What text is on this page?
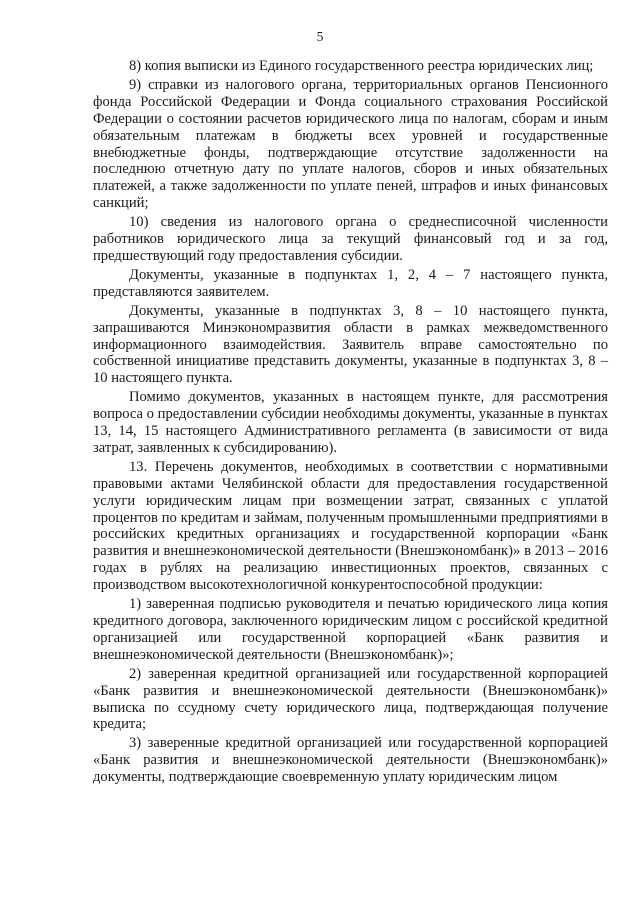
5

8) копия выписки из Единого государственного реестра юридических лиц;

9) справки из налогового органа, территориальных органов Пенсионного фонда Российской Федерации и Фонда социального страхования Российской Федерации о состоянии расчетов юридического лица по налогам, сборам и иным обязательным платежам в бюджеты всех уровней и государственные внебюджетные фонды, подтверждающие отсутствие задолженности на последнюю отчетную дату по уплате налогов, сборов и иных обязательных платежей, а также задолженности по уплате пеней, штрафов и иных финансовых санкций;

10) сведения из налогового органа о среднесписочной численности работников юридического лица за текущий финансовый год и за год, предшествующий году предоставления субсидии.

Документы, указанные в подпунктах 1, 2, 4 – 7 настоящего пункта, представляются заявителем.

Документы, указанные в подпунктах 3, 8 – 10 настоящего пункта, запрашиваются Минэкономразвития области в рамках межведомственного информационного взаимодействия. Заявитель вправе самостоятельно по собственной инициативе представить документы, указанные в подпунктах 3, 8 – 10 настоящего пункта.

Помимо документов, указанных в настоящем пункте, для рассмотрения вопроса о предоставлении субсидии необходимы документы, указанные в пунктах 13, 14, 15 настоящего Административного регламента (в зависимости от вида затрат, заявленных к субсидированию).

13. Перечень документов, необходимых в соответствии с нормативными правовыми актами Челябинской области для предоставления государственной услуги юридическим лицам при возмещении затрат, связанных с уплатой процентов по кредитам и займам, полученным промышленными предприятиями в российских кредитных организациях и государственной корпорации «Банк развития и внешнеэкономической деятельности (Внешэкономбанк)» в 2013 – 2016 годах в рублях на реализацию инвестиционных проектов, связанных с производством высокотехнологичной конкурентоспособной продукции:

1) заверенная подписью руководителя и печатью юридического лица копия кредитного договора, заключенного юридическим лицом с российской кредитной организацией или государственной корпорацией «Банк развития и внешнеэкономической деятельности (Внешэкономбанк)»;

2) заверенная кредитной организацией или государственной корпорацией «Банк развития и внешнеэкономической деятельности (Внешэкономбанк)» выписка по ссудному счету юридического лица, подтверждающая получение кредита;

3) заверенные кредитной организацией или государственной корпорацией «Банк развития и внешнеэкономической деятельности (Внешэкономбанк)» документы, подтверждающие своевременную уплату юридическим лицом
